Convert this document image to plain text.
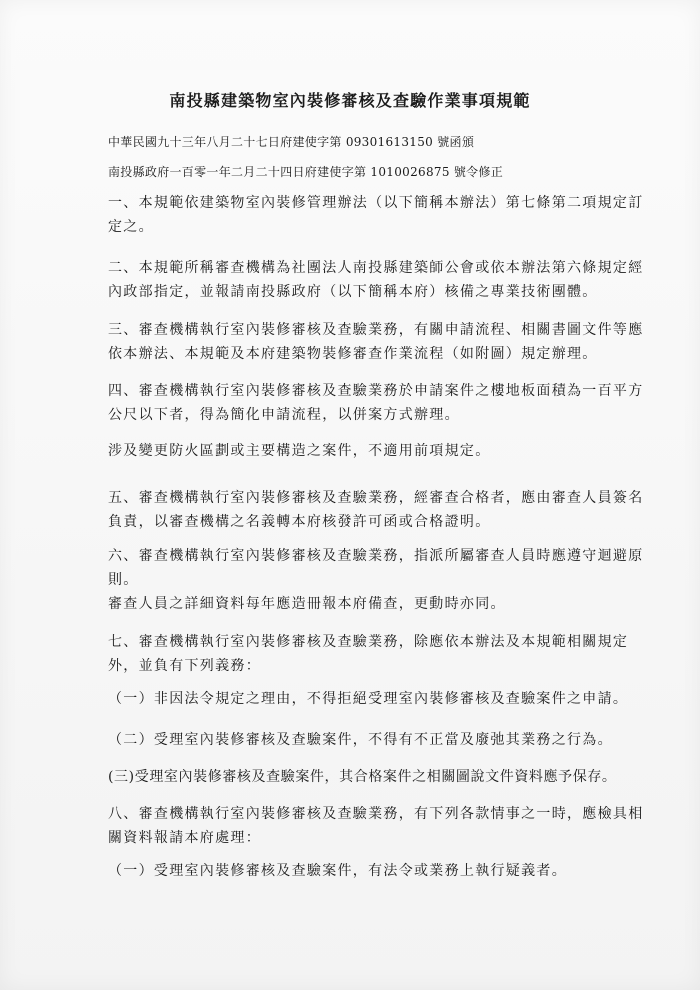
南投縣建築物室內裝修審核及查驗作業事項規範
中華民國九十三年八月二十七日府建使字第 09301613150 號函頒
南投縣政府一百零一年二月二十四日府建使字第 1010026875 號令修正
一、本規範依建築物室內裝修管理辦法（以下簡稱本辦法）第七條第二項規定訂
定之。
二、本規範所稱審查機構為社團法人南投縣建築師公會或依本辦法第六條規定經
內政部指定，並報請南投縣政府（以下簡稱本府）核備之專業技術團體。
三、審查機構執行室內裝修審核及查驗業務，有關申請流程、相關書圖文件等應
依本辦法、本規範及本府建築物裝修審查作業流程（如附圖）規定辦理。
四、審查機構執行室內裝修審核及查驗業務於申請案件之樓地板面積為一百平方
公尺以下者，得為簡化申請流程，以併案方式辦理。
涉及變更防火區劃或主要構造之案件，不適用前項規定。
五、審查機構執行室內裝修審核及查驗業務，經審查合格者，應由審查人員簽名
負責，以審查機構之名義轉本府核發許可函或合格證明。
六、審查機構執行室內裝修審核及查驗業務，指派所屬審查人員時應遵守迴避原
則。
審查人員之詳細資料每年應造冊報本府備查，更動時亦同。
七、審查機構執行室內裝修審核及查驗業務，除應依本辦法及本規範相關規定
外，並負有下列義務：
（一）非因法令規定之理由，不得拒絕受理室內裝修審核及查驗案件之申請。
（二）受理室內裝修審核及查驗案件，不得有不正當及廢弛其業務之行為。
(三)受理室內裝修審核及查驗案件，其合格案件之相關圖說文件資料應予保存。
八、審查機構執行室內裝修審核及查驗業務，有下列各款情事之一時，應檢具相
關資料報請本府處理：
（一）受理室內裝修審核及查驗案件，有法令或業務上執行疑義者。
